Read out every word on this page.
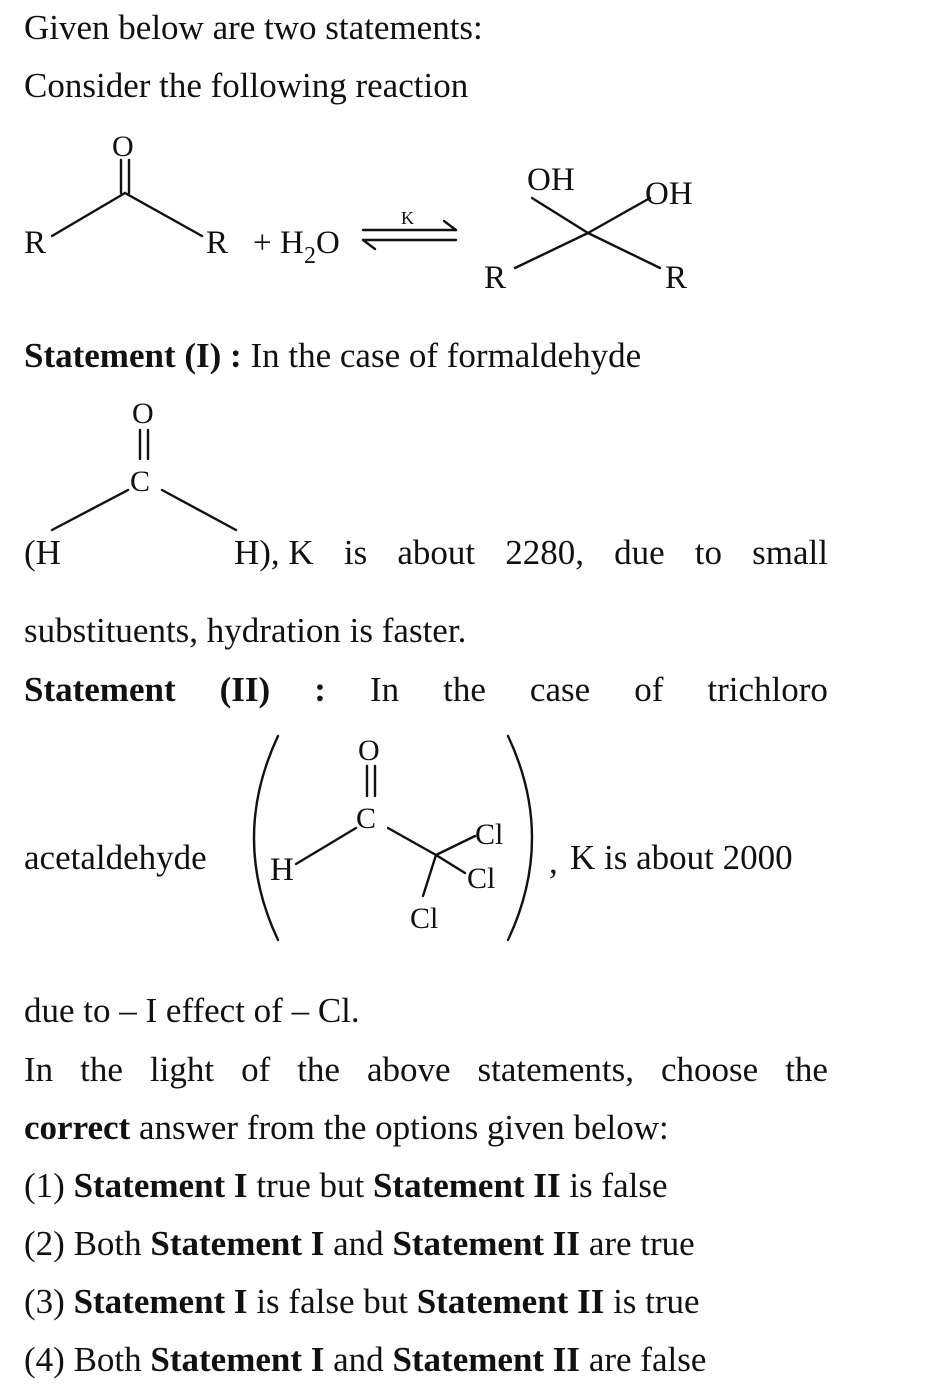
Given below are two statements:

Consider the following reaction

O
R	R + H 2 O
K
OH OH
R	R

Statement (I) : In the case of formaldehyde

O
C

(H	H), K is about 2280, due to small

substituents, hydration is faster.

Statement (II) : In the case of trichloro

acetaldehyde

O
C
H
Cl
Cl
Cl

, K is about 2000

due to – I effect of – Cl.

In the light of the above statements, choose the

correct answer from the options given below:

(1) Statement I true but Statement II is false

(2) Both Statement I and Statement II are true

(3) Statement I is false but Statement II is true

(4) Both Statement I and Statement II are false
